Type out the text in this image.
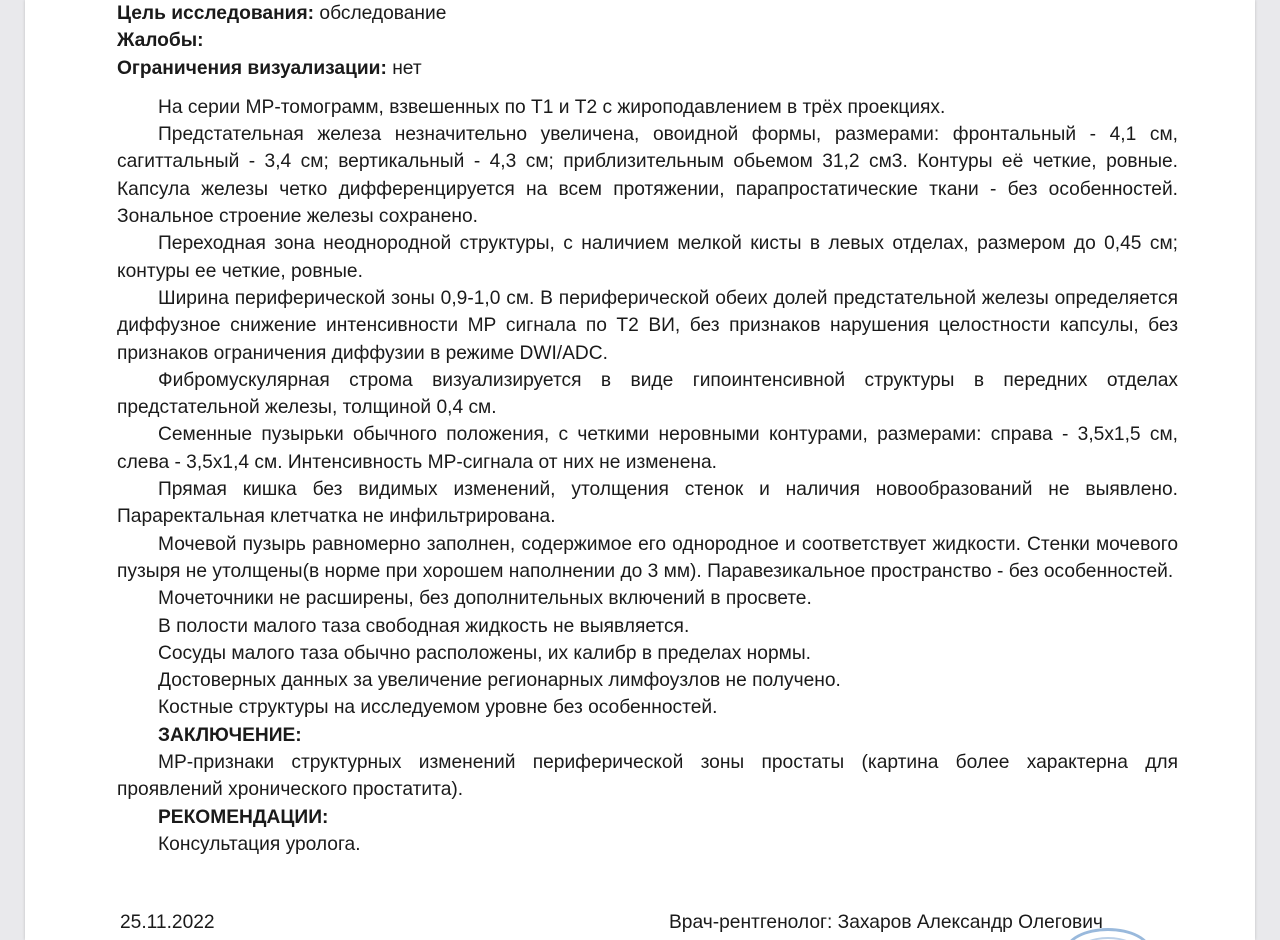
Цель исследования: обследование

Жалобы:

Ограничения визуализации: нет

На серии МР-томограмм, взвешенных по Т1 и Т2 с жироподавлением в трёх проекциях.

Предстательная железа незначительно увеличена, овоидной формы, размерами: фронтальный - 4,1 см, сагиттальный - 3,4 см; вертикальный - 4,3 см; приблизительным обьемом 31,2 см3. Контуры её четкие, ровные. Капсула железы четко дифференцируется на всем протяжении, парапростатические ткани - без особенностей. Зональное строение железы сохранено.

Переходная зона неоднородной структуры, с наличием мелкой кисты в левых отделах, размером до 0,45 см; контуры ее четкие, ровные.

Ширина периферической зоны 0,9-1,0 см. В периферической обеих долей предстательной железы определяется диффузное снижение интенсивности МР сигнала по Т2 ВИ, без признаков нарушения целостности капсулы, без признаков ограничения диффузии в режиме DWI/ADC.

Фибромускулярная строма визуализируется в виде гипоинтенсивной структуры в передних отделах предстательной железы, толщиной 0,4 см.

Семенные пузырьки обычного положения, с четкими неровными контурами, размерами: справа - 3,5х1,5 см, слева - 3,5х1,4 см. Интенсивность МР-сигнала от них не изменена.

Прямая кишка без видимых изменений, утолщения стенок и наличия новообразований не выявлено. Параректальная клетчатка не инфильтрирована.

Мочевой пузырь равномерно заполнен, содержимое его однородное и соответствует жидкости. Стенки мочевого пузыря не утолщены(в норме при хорошем наполнении до 3 мм). Паравезикальное пространство - без особенностей.

Мочеточники не расширены, без дополнительных включений в просвете.

В полости малого таза свободная жидкость не выявляется.

Сосуды малого таза обычно расположены, их калибр в пределах нормы.

Достоверных данных за увеличение регионарных лимфоузлов не получено.

Костные структуры на исследуемом уровне без особенностей.

ЗАКЛЮЧЕНИЕ:

МР-признаки структурных изменений периферической зоны простаты (картина более характерна для проявлений хронического простатита).

РЕКОМЕНДАЦИИ:

Консультация уролога.

25.11.2022	Врач-рентгенолог: Захаров Александр Олегович
